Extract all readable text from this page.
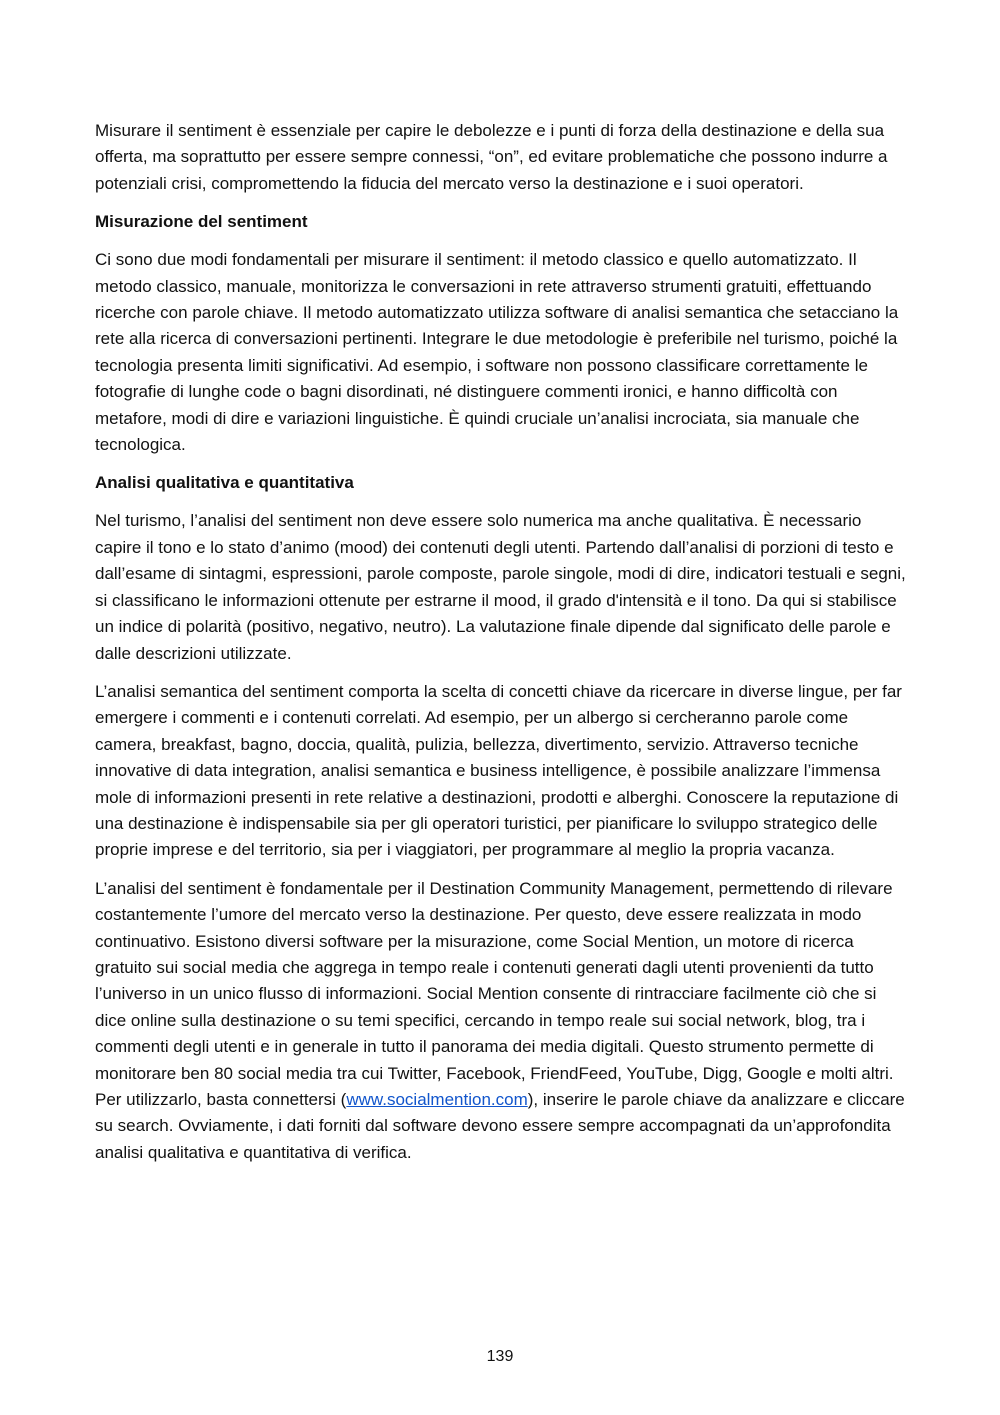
Misurare il sentiment è essenziale per capire le debolezze e i punti di forza della destinazione e della sua offerta, ma soprattutto per essere sempre connessi, “on”, ed evitare problematiche che possono indurre a potenziali crisi, compromettendo la fiducia del mercato verso la destinazione e i suoi operatori.

Misurazione del sentiment

Ci sono due modi fondamentali per misurare il sentiment: il metodo classico e quello automatizzato. Il metodo classico, manuale, monitorizza le conversazioni in rete attraverso strumenti gratuiti, effettuando ricerche con parole chiave. Il metodo automatizzato utilizza software di analisi semantica che setacciano la rete alla ricerca di conversazioni pertinenti. Integrare le due metodologie è preferibile nel turismo, poiché la tecnologia presenta limiti significativi. Ad esempio, i software non possono classificare correttamente le fotografie di lunghe code o bagni disordinati, né distinguere commenti ironici, e hanno difficoltà con metafore, modi di dire e variazioni linguistiche. È quindi cruciale un’analisi incrociata, sia manuale che tecnologica.

Analisi qualitativa e quantitativa

Nel turismo, l’analisi del sentiment non deve essere solo numerica ma anche qualitativa. È necessario capire il tono e lo stato d’animo (mood) dei contenuti degli utenti. Partendo dall’analisi di porzioni di testo e dall’esame di sintagmi, espressioni, parole composte, parole singole, modi di dire, indicatori testuali e segni, si classificano le informazioni ottenute per estrarne il mood, il grado d'intensità e il tono. Da qui si stabilisce un indice di polarità (positivo, negativo, neutro). La valutazione finale dipende dal significato delle parole e dalle descrizioni utilizzate.

L’analisi semantica del sentiment comporta la scelta di concetti chiave da ricercare in diverse lingue, per far emergere i commenti e i contenuti correlati. Ad esempio, per un albergo si cercheranno parole come camera, breakfast, bagno, doccia, qualità, pulizia, bellezza, divertimento, servizio. Attraverso tecniche innovative di data integration, analisi semantica e business intelligence, è possibile analizzare l’immensa mole di informazioni presenti in rete relative a destinazioni, prodotti e alberghi. Conoscere la reputazione di una destinazione è indispensabile sia per gli operatori turistici, per pianificare lo sviluppo strategico delle proprie imprese e del territorio, sia per i viaggiatori, per programmare al meglio la propria vacanza.

L’analisi del sentiment è fondamentale per il Destination Community Management, permettendo di rilevare costantemente l’umore del mercato verso la destinazione. Per questo, deve essere realizzata in modo continuativo. Esistono diversi software per la misurazione, come Social Mention, un motore di ricerca gratuito sui social media che aggrega in tempo reale i contenuti generati dagli utenti provenienti da tutto l’universo in un unico flusso di informazioni. Social Mention consente di rintracciare facilmente ciò che si dice online sulla destinazione o su temi specifici, cercando in tempo reale sui social network, blog, tra i commenti degli utenti e in generale in tutto il panorama dei media digitali. Questo strumento permette di monitorare ben 80 social media tra cui Twitter, Facebook, FriendFeed, YouTube, Digg, Google e molti altri. Per utilizzarlo, basta connettersi (www.socialmention.com), inserire le parole chiave da analizzare e cliccare su search. Ovviamente, i dati forniti dal software devono essere sempre accompagnati da un’approfondita analisi qualitativa e quantitativa di verifica.

139
